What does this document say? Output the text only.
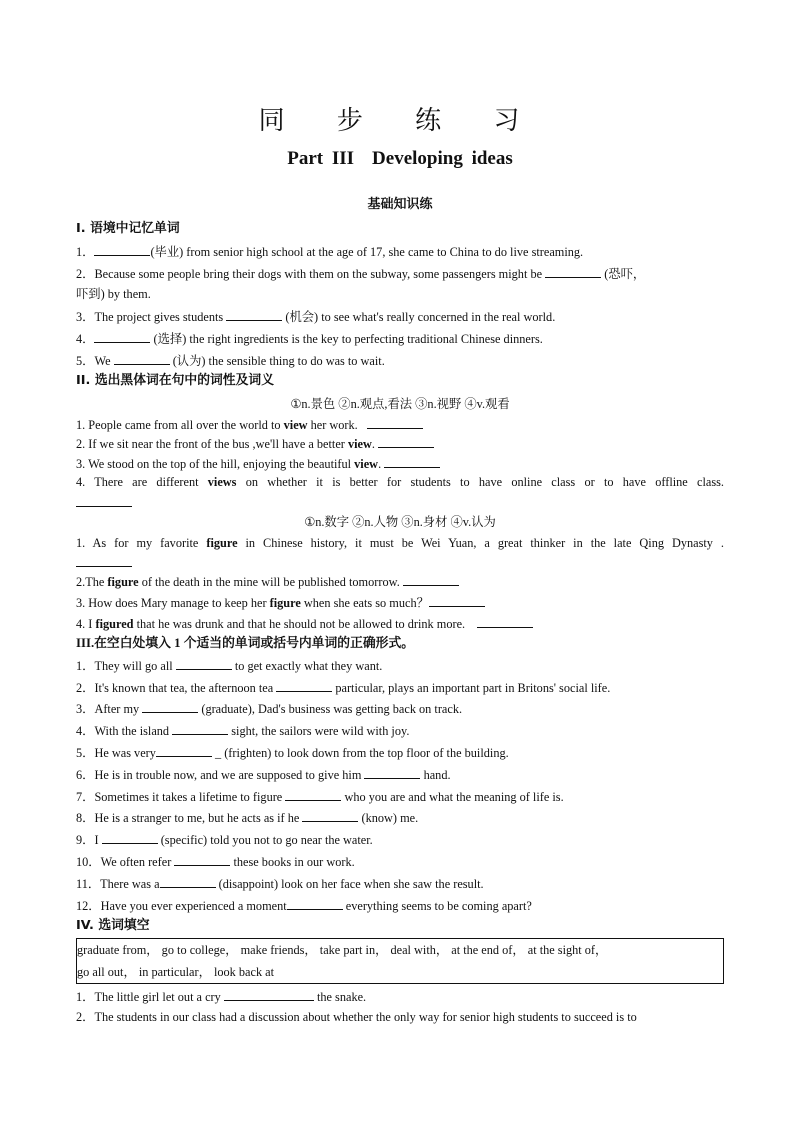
同 步 练 习
Part III Developing ideas
基础知识练
I. 语境中记忆单词
1．	(毕业) from senior high school at the age of 17, she came to China to do live streaming.
2．Because some people bring their dogs with them on the subway, some passengers might be	(恐吓，
吓到) by them.
3．The project gives students	(机会) to see what's really concerned in the real world.
4．	(选择) the right ingredients is the key to perfecting traditional Chinese dinners.
5．We	(认为) the sensible thing to do was to wait.
II. 选出黑体词在句中的词性及词义
①n.景色 ②n.观点,看法 ③n.视野 ④v.观看
1. People came from all over the world to view her work.
2. If we sit near the front of the bus ,we'll have a better view.
3. We stood on the top of the hill, enjoying the beautiful view.
4. There are different views on whether it is better for students to have online class or to have offline class.
①n.数字 ②n.人物 ③n.身材 ④v.认为
1. As for my favorite figure in Chinese history, it must be Wei Yuan, a great thinker in the late Qing Dynasty .
2.The figure of the death in the mine will be published tomorrow.
3. How does Mary manage to keep her figure when she eats so much？
4. I figured that he was drunk and that he should not be allowed to drink more.
III.在空白处填入 1 个适当的单词或括号内单词的正确形式。
1．They will go all	to get exactly what they want.
2．It's known that tea, the afternoon tea	particular, plays an important part in Britons' social life.
3．After my	(graduate), Dad's business was getting back on track.
4．With the island	sight, the sailors were wild with joy.
5．He was very	_ (frighten) to look down from the top floor of the building.
6．He is in trouble now, and we are supposed to give him	hand.
7．Sometimes it takes a lifetime to figure	who you are and what the meaning of life is.
8．He is a stranger to me, but he acts as if he	(know) me.
9．I	(specific) told you not to go near the water.
10．We often refer	these books in our work.
11．There was a	(disappoint) look on her face when she saw the result.
12．Have you ever experienced a moment	everything seems to be coming apart?
IV. 选词填空
graduate from， go to college， make friends， take part in， deal with， at the end of， at the sight of，
go all out， in particular， look back at
1．The little girl let out a cry	the snake.
2．The students in our class had a discussion about whether the only way for senior high students to succeed is to
